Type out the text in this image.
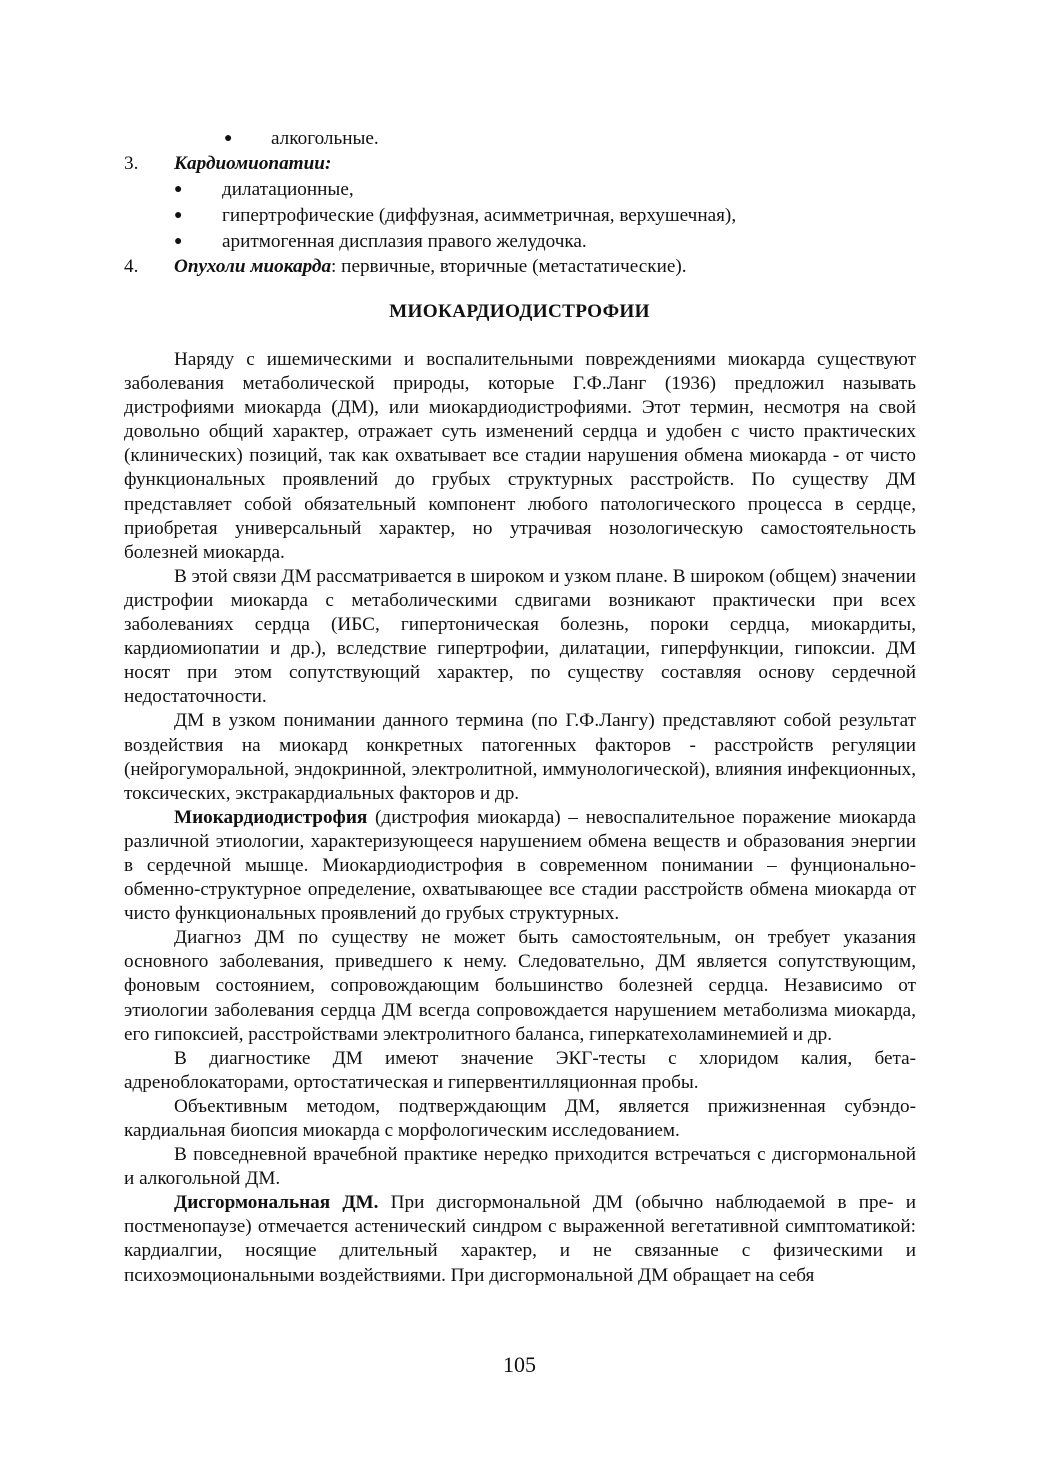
● алкогольные.
3. Кардиомиопатии:
● дилатационные,
● гипертрофические (диффузная, асимметричная, верхушечная),
● аритмогенная дисплазия правого желудочка.
4. Опухоли миокарда: первичные, вторичные (метастатические).
МИОКАРДИОДИСТРОФИИ

Наряду с ишемическими и воспалительными повреждениями миокарда существуют заболевания метаболической природы, которые Г.Ф.Ланг (1936) предложил называть дистрофиями миокарда (ДМ), или миокардиодистрофиями. Этот термин, несмотря на свой довольно общий характер, отражает суть изменений сердца и удобен с чисто практических (клинических) позиций, так как охватывает все стадии нарушения обмена миокарда - от чисто функциональных проявлений до грубых структурных расстройств. По существу ДМ представляет собой обязательный компонент любого патологического процесса в сердце, приобретая универсальный характер, но утрачивая нозологическую самостоятельность болезней миокарда.

В этой связи ДМ рассматривается в широком и узком плане. В широком (общем) значении дистрофии миокарда с метаболическими сдвигами возникают практически при всех заболеваниях сердца (ИБС, гипертоническая болезнь, пороки сердца, миокардиты, кардиомиопатии и др.), вследствие гипертрофии, дилатации, гиперфункции, гипоксии. ДМ носят при этом сопутствующий характер, по существу составляя основу сердечной недостаточности.

ДМ в узком понимании данного термина (по Г.Ф.Лангу) представляют собой результат воздействия на миокард конкретных патогенных факторов - расстройств регуляции (нейрогуморальной, эндокринной, электролитной, иммунологической), влияния инфекционных, токсических, экстракардиальных факторов и др.

Миокардиодистрофия (дистрофия миокарда) – невоспалительное поражение миокарда различной этиологии, характеризующееся нарушением обмена веществ и образования энергии в сердечной мышце. Миокардиодистрофия в современном понимании – фунционально-обменно-структурное определение, охватывающее все стадии расстройств обмена миокарда от чисто функциональных проявлений до грубых структурных.

Диагноз ДМ по существу не может быть самостоятельным, он требует указания основного заболевания, приведшего к нему. Следовательно, ДМ является сопутствующим, фоновым состоянием, сопровождающим большинство болезней сердца. Независимо от этиологии заболевания сердца ДМ всегда сопровождается нарушением метаболизма миокарда, его гипоксией, расстройствами электролитного баланса, гиперкатехоламинемией и др.

В диагностике ДМ имеют значение ЭКГ-тесты с хлоридом калия, бета-адреноблокаторами, ортостатическая и гипервентилляционная пробы.

Объективным методом, подтверждающим ДМ, является прижизненная субэндокардиальная биопсия миокарда с морфологическим исследованием.

В повседневной врачебной практике нередко приходится встречаться с дисгормональной и алкогольной ДМ.

Дисгормональная ДМ. При дисгормональной ДМ (обычно наблюдаемой в пре- и постменопаузе) отмечается астенический синдром с выраженной вегетативной симптоматикой: кардиалгии, носящие длительный характер, и не связанные с физическими и психоэмоциональными воздействиями. При дисгормональной ДМ обращает на себя

105
